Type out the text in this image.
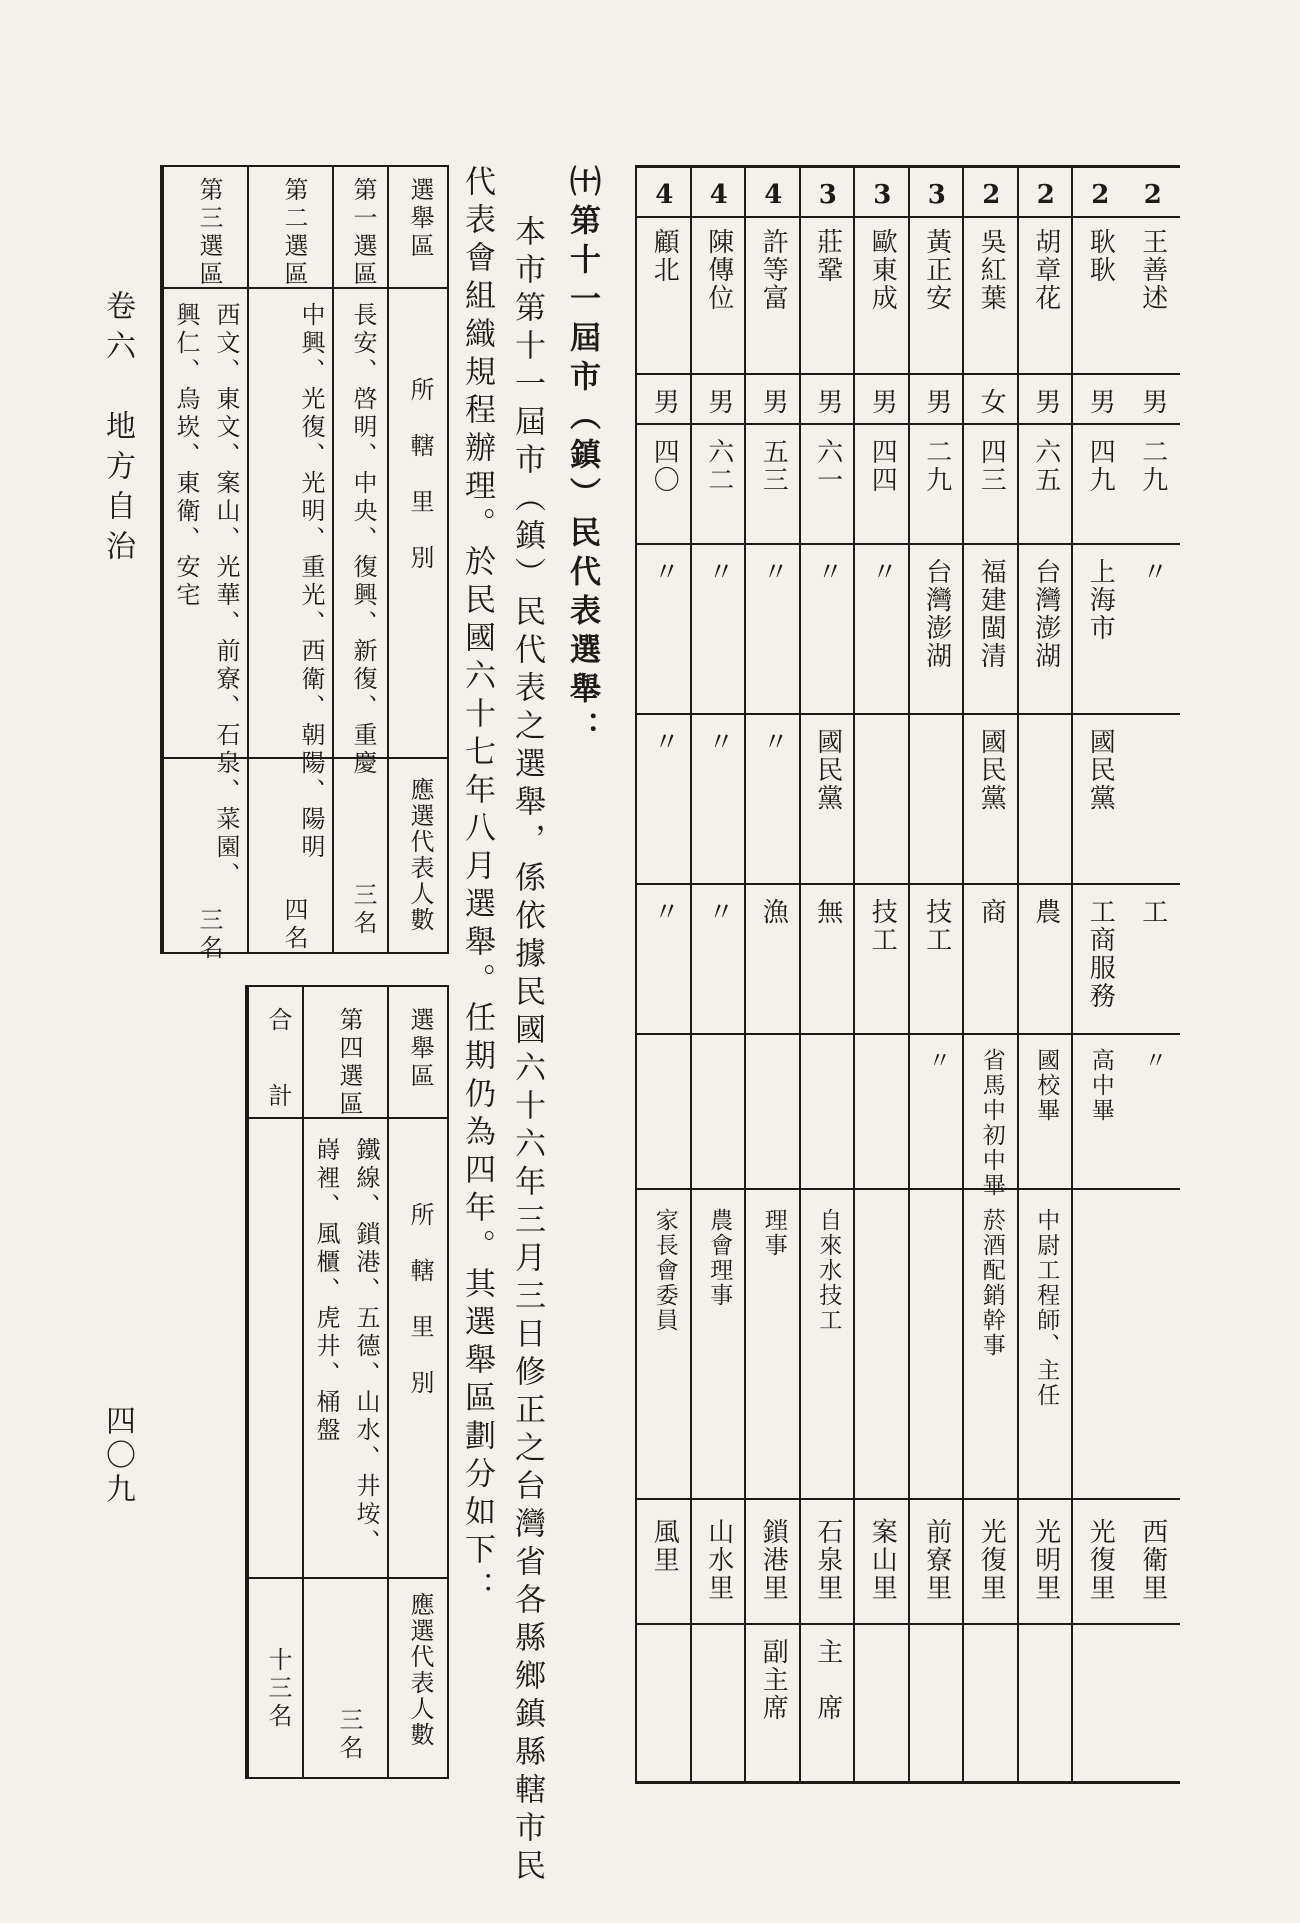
2
王善述
男
二九
〃
工
〃
西衛里
2
耿耿
男
四九
上海市
國民黨
工商服務
高中畢
光復里
2
胡章花
男
六五
台灣澎湖
農
國校畢
中尉工程師、主任
光明里
2
吳紅葉
女
四三
福建閩清
國民黨
商
省馬中初中畢
菸酒配銷幹事
光復里
3
黃正安
男
二九
台灣澎湖
技工
〃
前寮里
3
歐東成
男
四四
〃
技工
案山里
3
莊鞏
男
六一
〃
國民黨
無
自來水技工
石泉里
主　席
4
許等富
男
五三
〃
〃
漁
理事
鎖港里
副主席
4
陳傳位
男
六二
〃
〃
〃
農會理事
山水里
4
顧北
男
四〇
〃
〃
〃
家長會委員
風里
㈩第十一屆市（鎮）民代表選舉：
本市第十一屆市（鎮）民代表之選舉，係依據民國六十六年三月三日修正之台灣省各縣鄉鎮縣轄市民
代表會組織規程辦理。於民國六十七年八月選舉。任期仍為四年。其選舉區劃分如下：
選舉區
所　轄　里　別
應選代表人數
第一選區
長安、啓明、中央、復興、新復、重慶
三名
第二選區
中興、光復、光明、重光、西衛、朝陽、陽明
四名
第三選區
西文、東文、案山、光華、前寮、石泉、菜園、興仁、烏崁、東衛、安宅
三名
選舉區
所　轄　里　別
應選代表人數
第四選區
鐵線、鎖港、五德、山水、井垵、嵵裡、風櫃、虎井、桶盤
三名
合　計
十三名
卷六　地方自治
四〇九
